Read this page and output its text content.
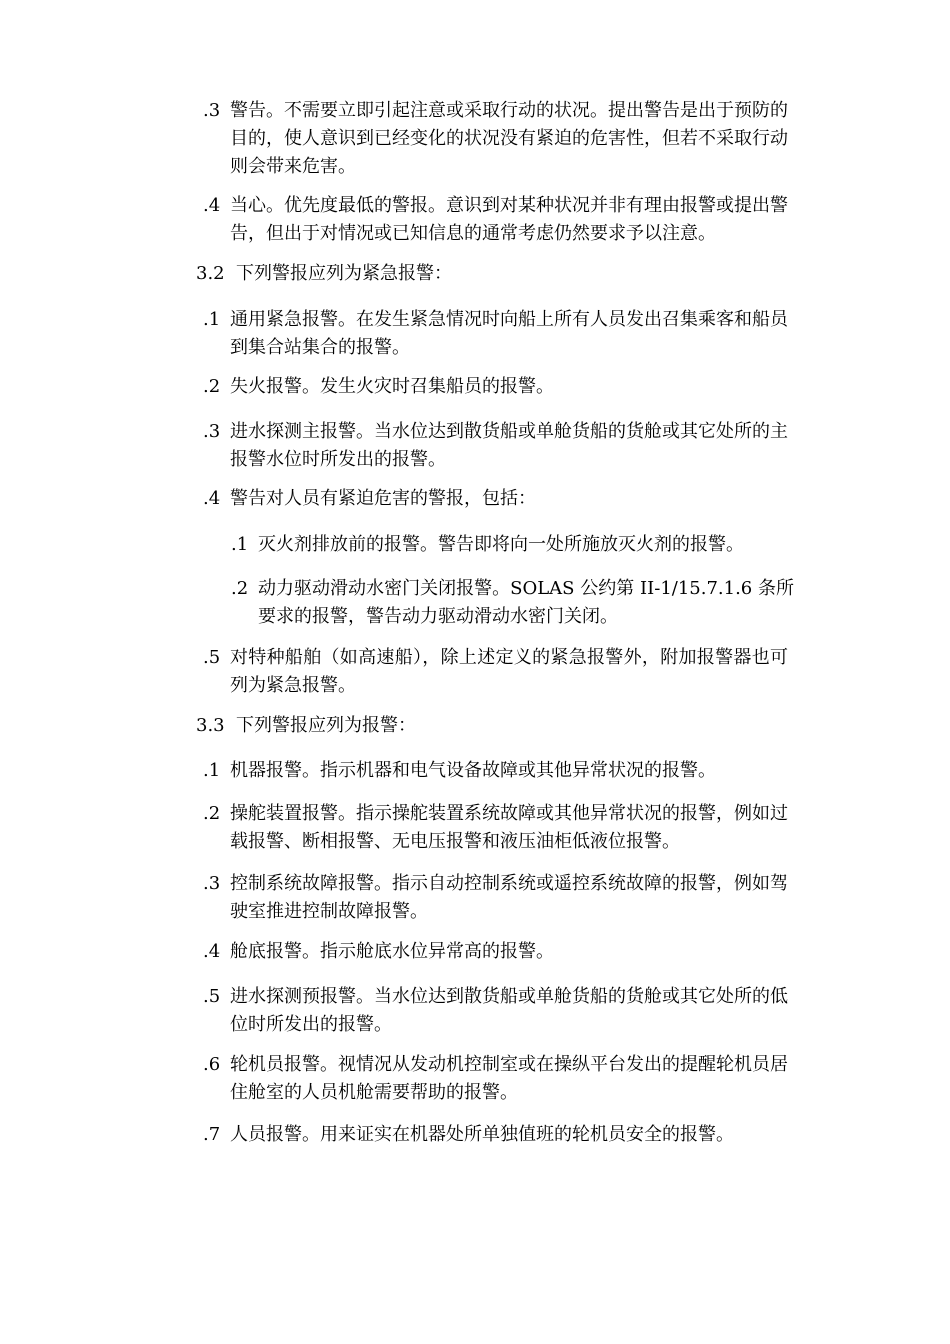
.3 警告。不需要立即引起注意或采取行动的状况。提出警告是出于预防的目的，使人意识到已经变化的状况没有紧迫的危害性，但若不采取行动则会带来危害。
.4 当心。优先度最低的警报。意识到对某种状况并非有理由报警或提出警告，但出于对情况或已知信息的通常考虑仍然要求予以注意。
3.2 下列警报应列为紧急报警：
.1 通用紧急报警。在发生紧急情况时向船上所有人员发出召集乘客和船员到集合站集合的报警。
.2 失火报警。发生火灾时召集船员的报警。
.3 进水探测主报警。当水位达到散货船或单舱货船的货舱或其它处所的主报警水位时所发出的报警。
.4 警告对人员有紧迫危害的警报，包括：
.1 灭火剂排放前的报警。警告即将向一处所施放灭火剂的报警。
.2 动力驱动滑动水密门关闭报警。SOLAS 公约第 II-1/15.7.1.6 条所要求的报警，警告动力驱动滑动水密门关闭。
.5 对特种船舶（如高速船），除上述定义的紧急报警外，附加报警器也可列为紧急报警。
3.3 下列警报应列为报警：
.1 机器报警。指示机器和电气设备故障或其他异常状况的报警。
.2 操舵装置报警。指示操舵装置系统故障或其他异常状况的报警，例如过载报警、断相报警、无电压报警和液压油柜低液位报警。
.3 控制系统故障报警。指示自动控制系统或遥控系统故障的报警，例如驾驶室推进控制故障报警。
.4 舱底报警。指示舱底水位异常高的报警。
.5 进水探测预报警。当水位达到散货船或单舱货船的货舱或其它处所的低位时所发出的报警。
.6 轮机员报警。视情况从发动机控制室或在操纵平台发出的提醒轮机员居住舱室的人员机舱需要帮助的报警。
.7 人员报警。用来证实在机器处所单独值班的轮机员安全的报警。
